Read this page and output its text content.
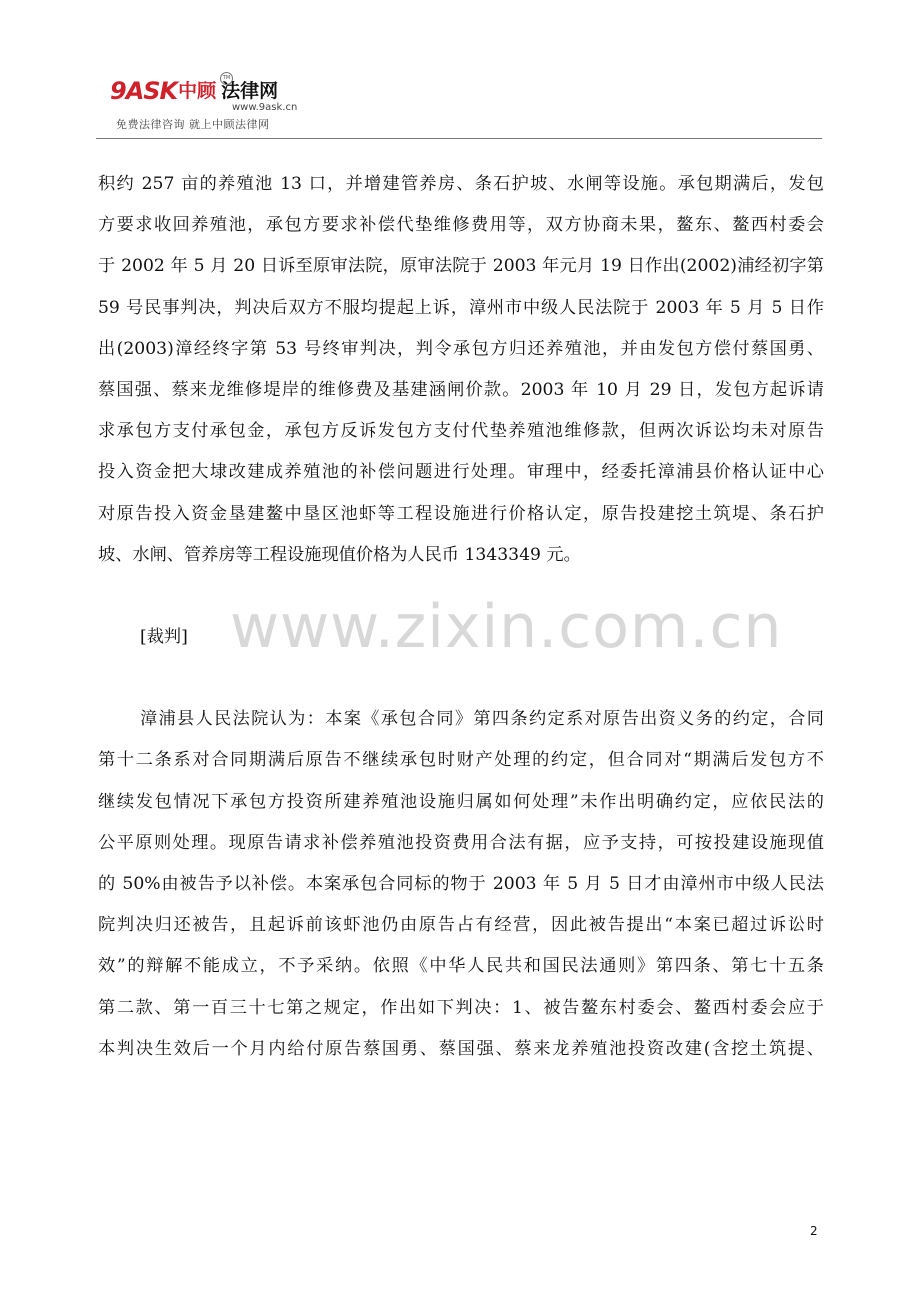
9ASK 中顾 法律网
TM
www.9ask.cn
免费法律咨询 就上中顾法律网
www.zixin.com.cn

积约 257 亩的养殖池 13 口，并增建管养房、条石护坡、水闸等设施。承包期满后，发包

方要求收回养殖池，承包方要求补偿代垫维修费用等，双方协商未果，鳌东、鳌西村委会

于 2002 年 5 月 20 日诉至原审法院，原审法院于 2003 年元月 19 日作出(2002)浦经初字第

59 号民事判决，判决后双方不服均提起上诉，漳州市中级人民法院于 2003 年 5 月 5 日作

出(2003)漳经终字第 53 号终审判决，判令承包方归还养殖池，并由发包方偿付蔡国勇、

蔡国强、蔡来龙维修堤岸的维修费及基建涵闸价款。2003 年 10 月 29 日，发包方起诉请

求承包方支付承包金，承包方反诉发包方支付代垫养殖池维修款，但两次诉讼均未对原告

投入资金把大埭改建成养殖池的补偿问题进行处理。审理中，经委托漳浦县价格认证中心

对原告投入资金垦建鳌中垦区池虾等工程设施进行价格认定，原告投建挖土筑堤、条石护

坡、水闸、管养房等工程设施现值价格为人民币 1343349 元。

[裁判]

漳浦县人民法院认为：本案《承包合同》第四条约定系对原告出资义务的约定，合同

第十二条系对合同期满后原告不继续承包时财产处理的约定，但合同对“期满后发包方不

继续发包情况下承包方投资所建养殖池设施归属如何处理”未作出明确约定，应依民法的

公平原则处理。现原告请求补偿养殖池投资费用合法有据，应予支持，可按投建设施现值

的 50%由被告予以补偿。本案承包合同标的物于 2003 年 5 月 5 日才由漳州市中级人民法

院判决归还被告，且起诉前该虾池仍由原告占有经营，因此被告提出“本案已超过诉讼时

效”的辩解不能成立，不予采纳。依照《中华人民共和国民法通则》第四条、第七十五条

第二款、第一百三十七第之规定，作出如下判决：1、被告鳌东村委会、鳌西村委会应于

本判决生效后一个月内给付原告蔡国勇、蔡国强、蔡来龙养殖池投资改建(含挖土筑提、

2
